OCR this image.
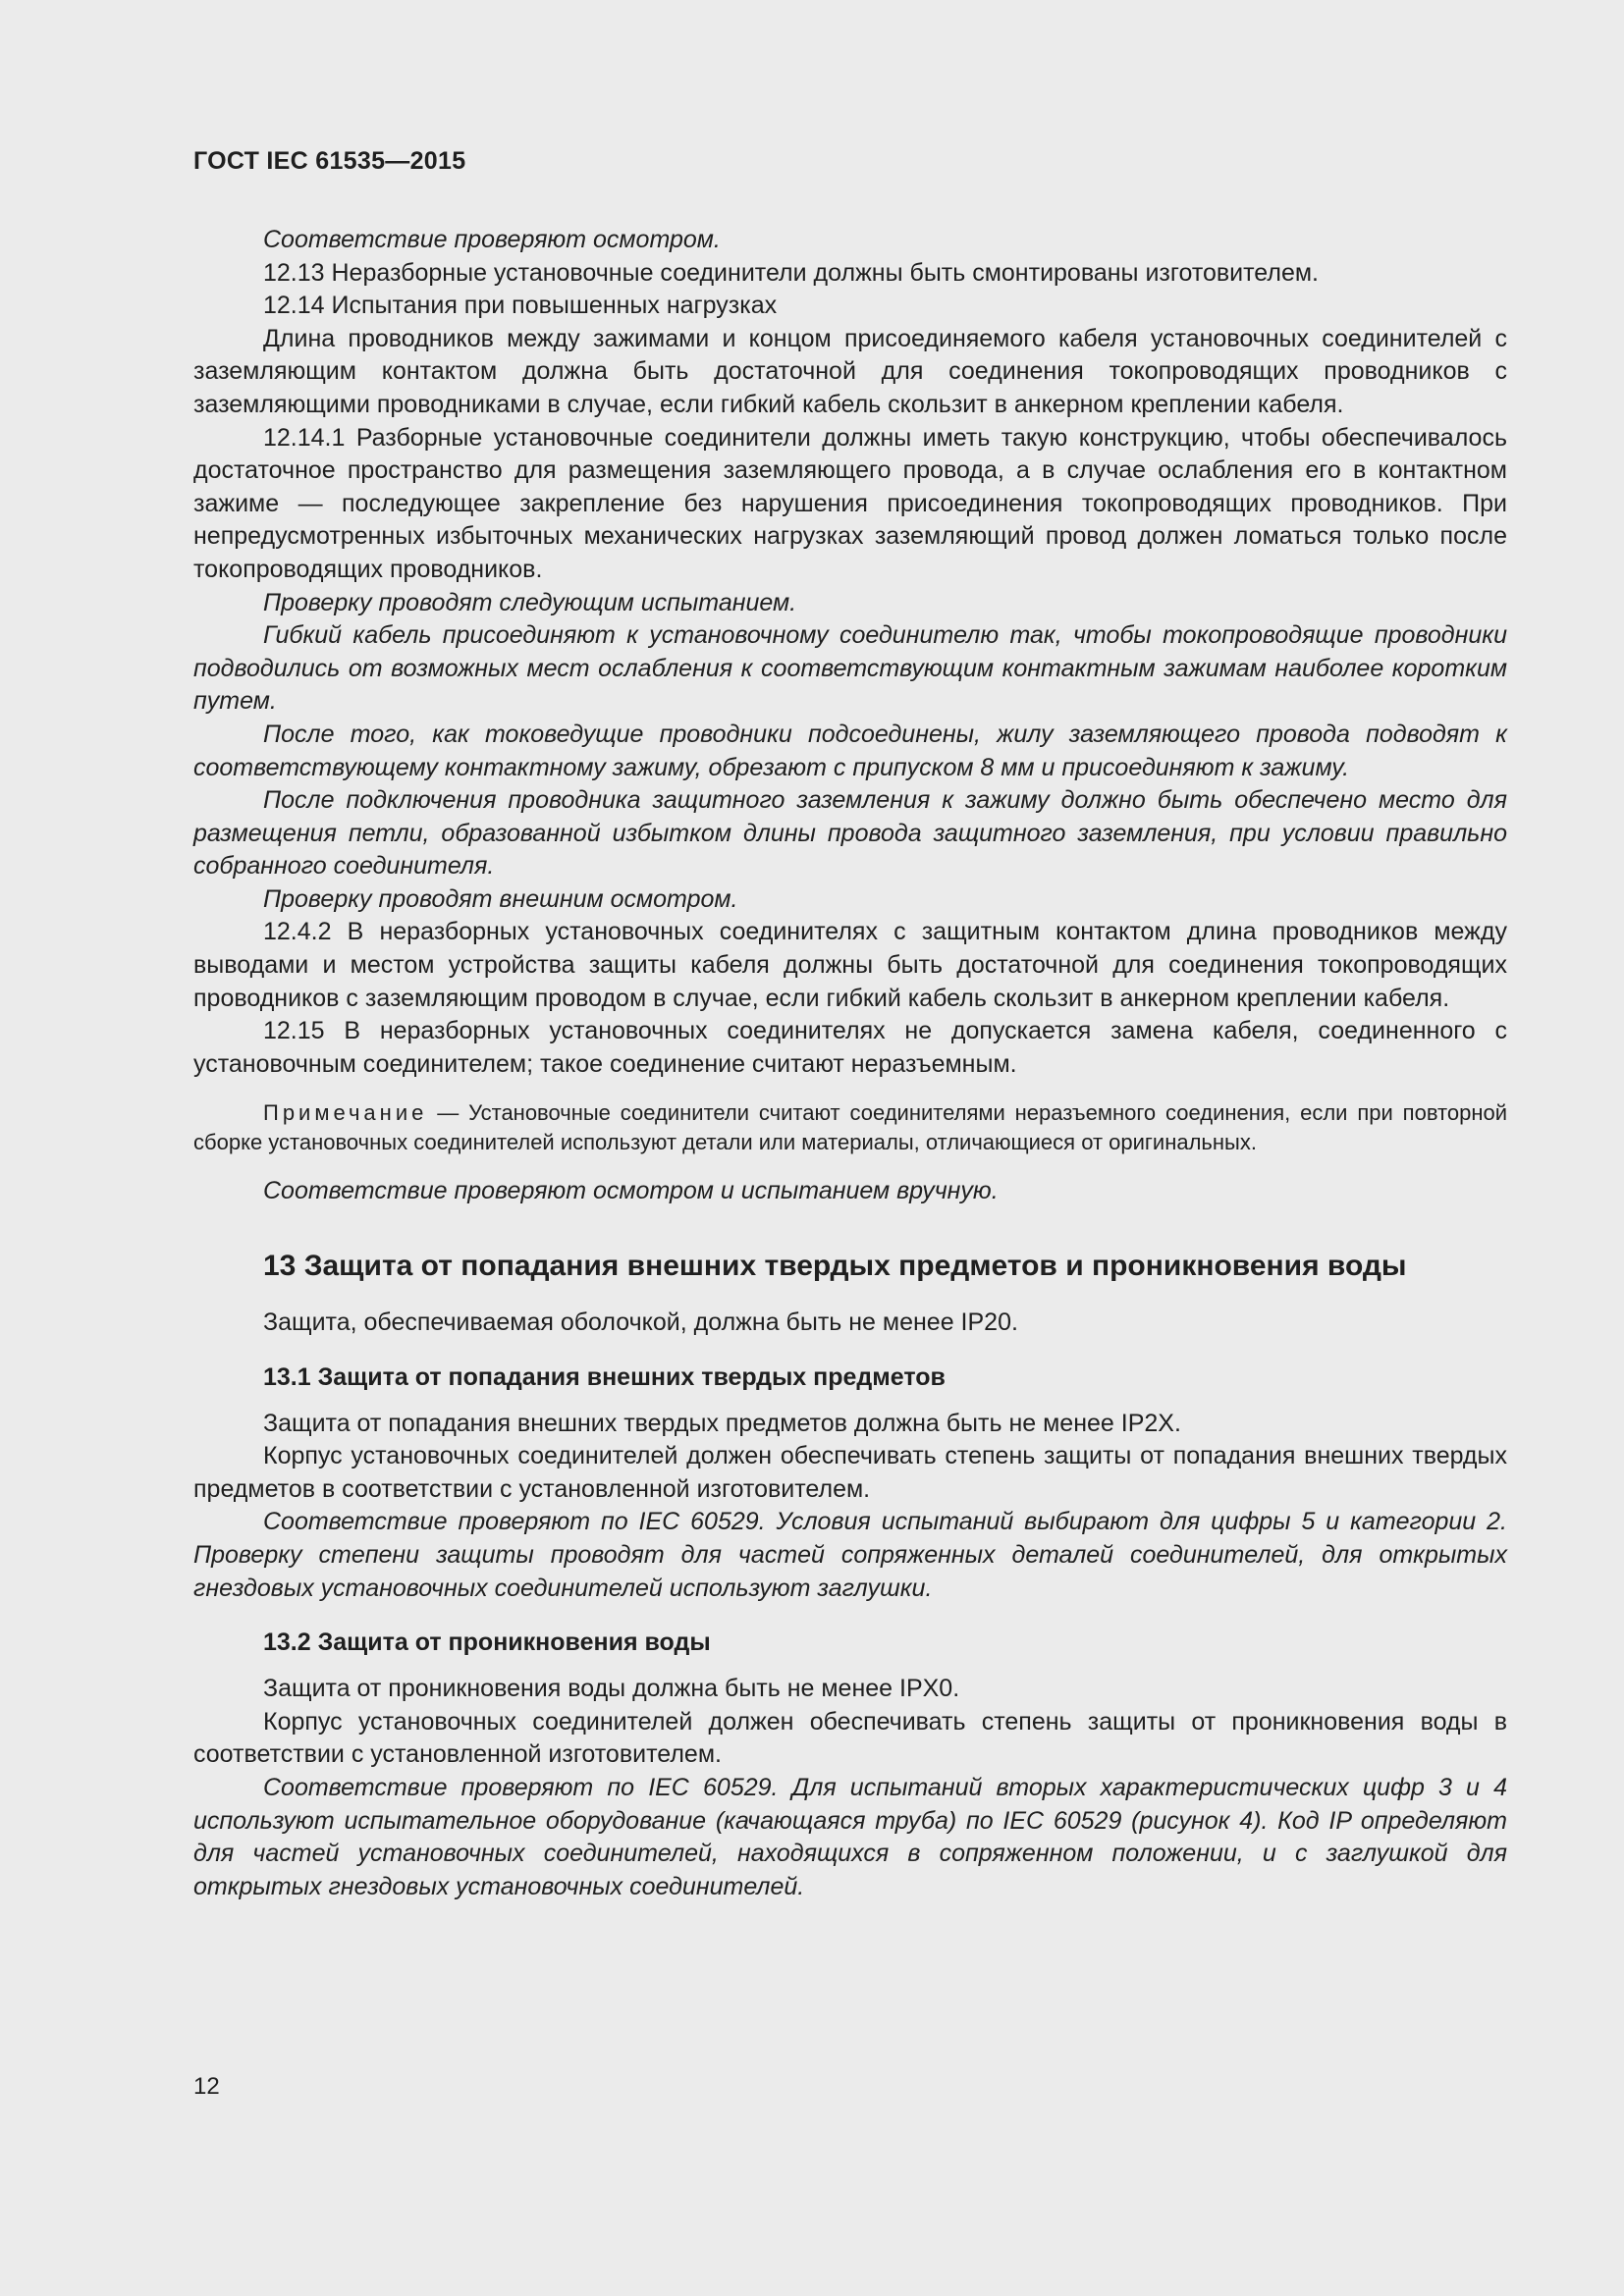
ГОСТ IEC 61535—2015

Соответствие проверяют осмотром.

12.13 Неразборные установочные соединители должны быть смонтированы изготовителем.

12.14 Испытания при повышенных нагрузках

Длина проводников между зажимами и концом присоединяемого кабеля установочных соединителей с заземляющим контактом должна быть достаточной для соединения токопроводящих проводников с заземляющими проводниками в случае, если гибкий кабель скользит в анкерном креплении кабеля.

12.14.1 Разборные установочные соединители должны иметь такую конструкцию, чтобы обеспечивалось достаточное пространство для размещения заземляющего провода, а в случае ослабления его в контактном зажиме — последующее закрепление без нарушения присоединения токопроводящих проводников. При непредусмотренных избыточных механических нагрузках заземляющий провод должен ломаться только после токопроводящих проводников.

Проверку проводят следующим испытанием.

Гибкий кабель присоединяют к установочному соединителю так, чтобы токопроводящие проводники подводились от возможных мест ослабления к соответствующим контактным зажимам наиболее коротким путем.

После того, как токоведущие проводники подсоединены, жилу заземляющего провода подводят к соответствующему контактному зажиму, обрезают с припуском 8 мм и присоединяют к зажиму.

После подключения проводника защитного заземления к зажиму должно быть обеспечено место для размещения петли, образованной избытком длины провода защитного заземления, при условии правильно собранного соединителя.

Проверку проводят внешним осмотром.

12.4.2 В неразборных установочных соединителях с защитным контактом длина проводников между выводами и местом устройства защиты кабеля должны быть достаточной для соединения токопроводящих проводников с заземляющим проводом в случае, если гибкий кабель скользит в анкерном креплении кабеля.

12.15 В неразборных установочных соединителях не допускается замена кабеля, соединенного с установочным соединителем; такое соединение считают неразъемным.

Примечание — Установочные соединители считают соединителями неразъемного соединения, если при повторной сборке установочных соединителей используют детали или материалы, отличающиеся от оригинальных.

Соответствие проверяют осмотром и испытанием вручную.

13 Защита от попадания внешних твердых предметов и проникновения воды

Защита, обеспечиваемая оболочкой, должна быть не менее IP20.

13.1 Защита от попадания внешних твердых предметов

Защита от попадания внешних твердых предметов должна быть не менее IP2X.

Корпус установочных соединителей должен обеспечивать степень защиты от попадания внешних твердых предметов в соответствии с установленной изготовителем.

Соответствие проверяют по IEC 60529. Условия испытаний выбирают для цифры 5 и категории 2. Проверку степени защиты проводят для частей сопряженных деталей соединителей, для открытых гнездовых установочных соединителей используют заглушки.

13.2 Защита от проникновения воды

Защита от проникновения воды должна быть не менее IPX0.

Корпус установочных соединителей должен обеспечивать степень защиты от проникновения воды в соответствии с установленной изготовителем.

Соответствие проверяют по IEC 60529. Для испытаний вторых характеристических цифр 3 и 4 используют испытательное оборудование (качающаяся труба) по IEC 60529 (рисунок 4). Код IP определяют для частей установочных соединителей, находящихся в сопряженном положении, и с заглушкой для открытых гнездовых установочных соединителей.

12
